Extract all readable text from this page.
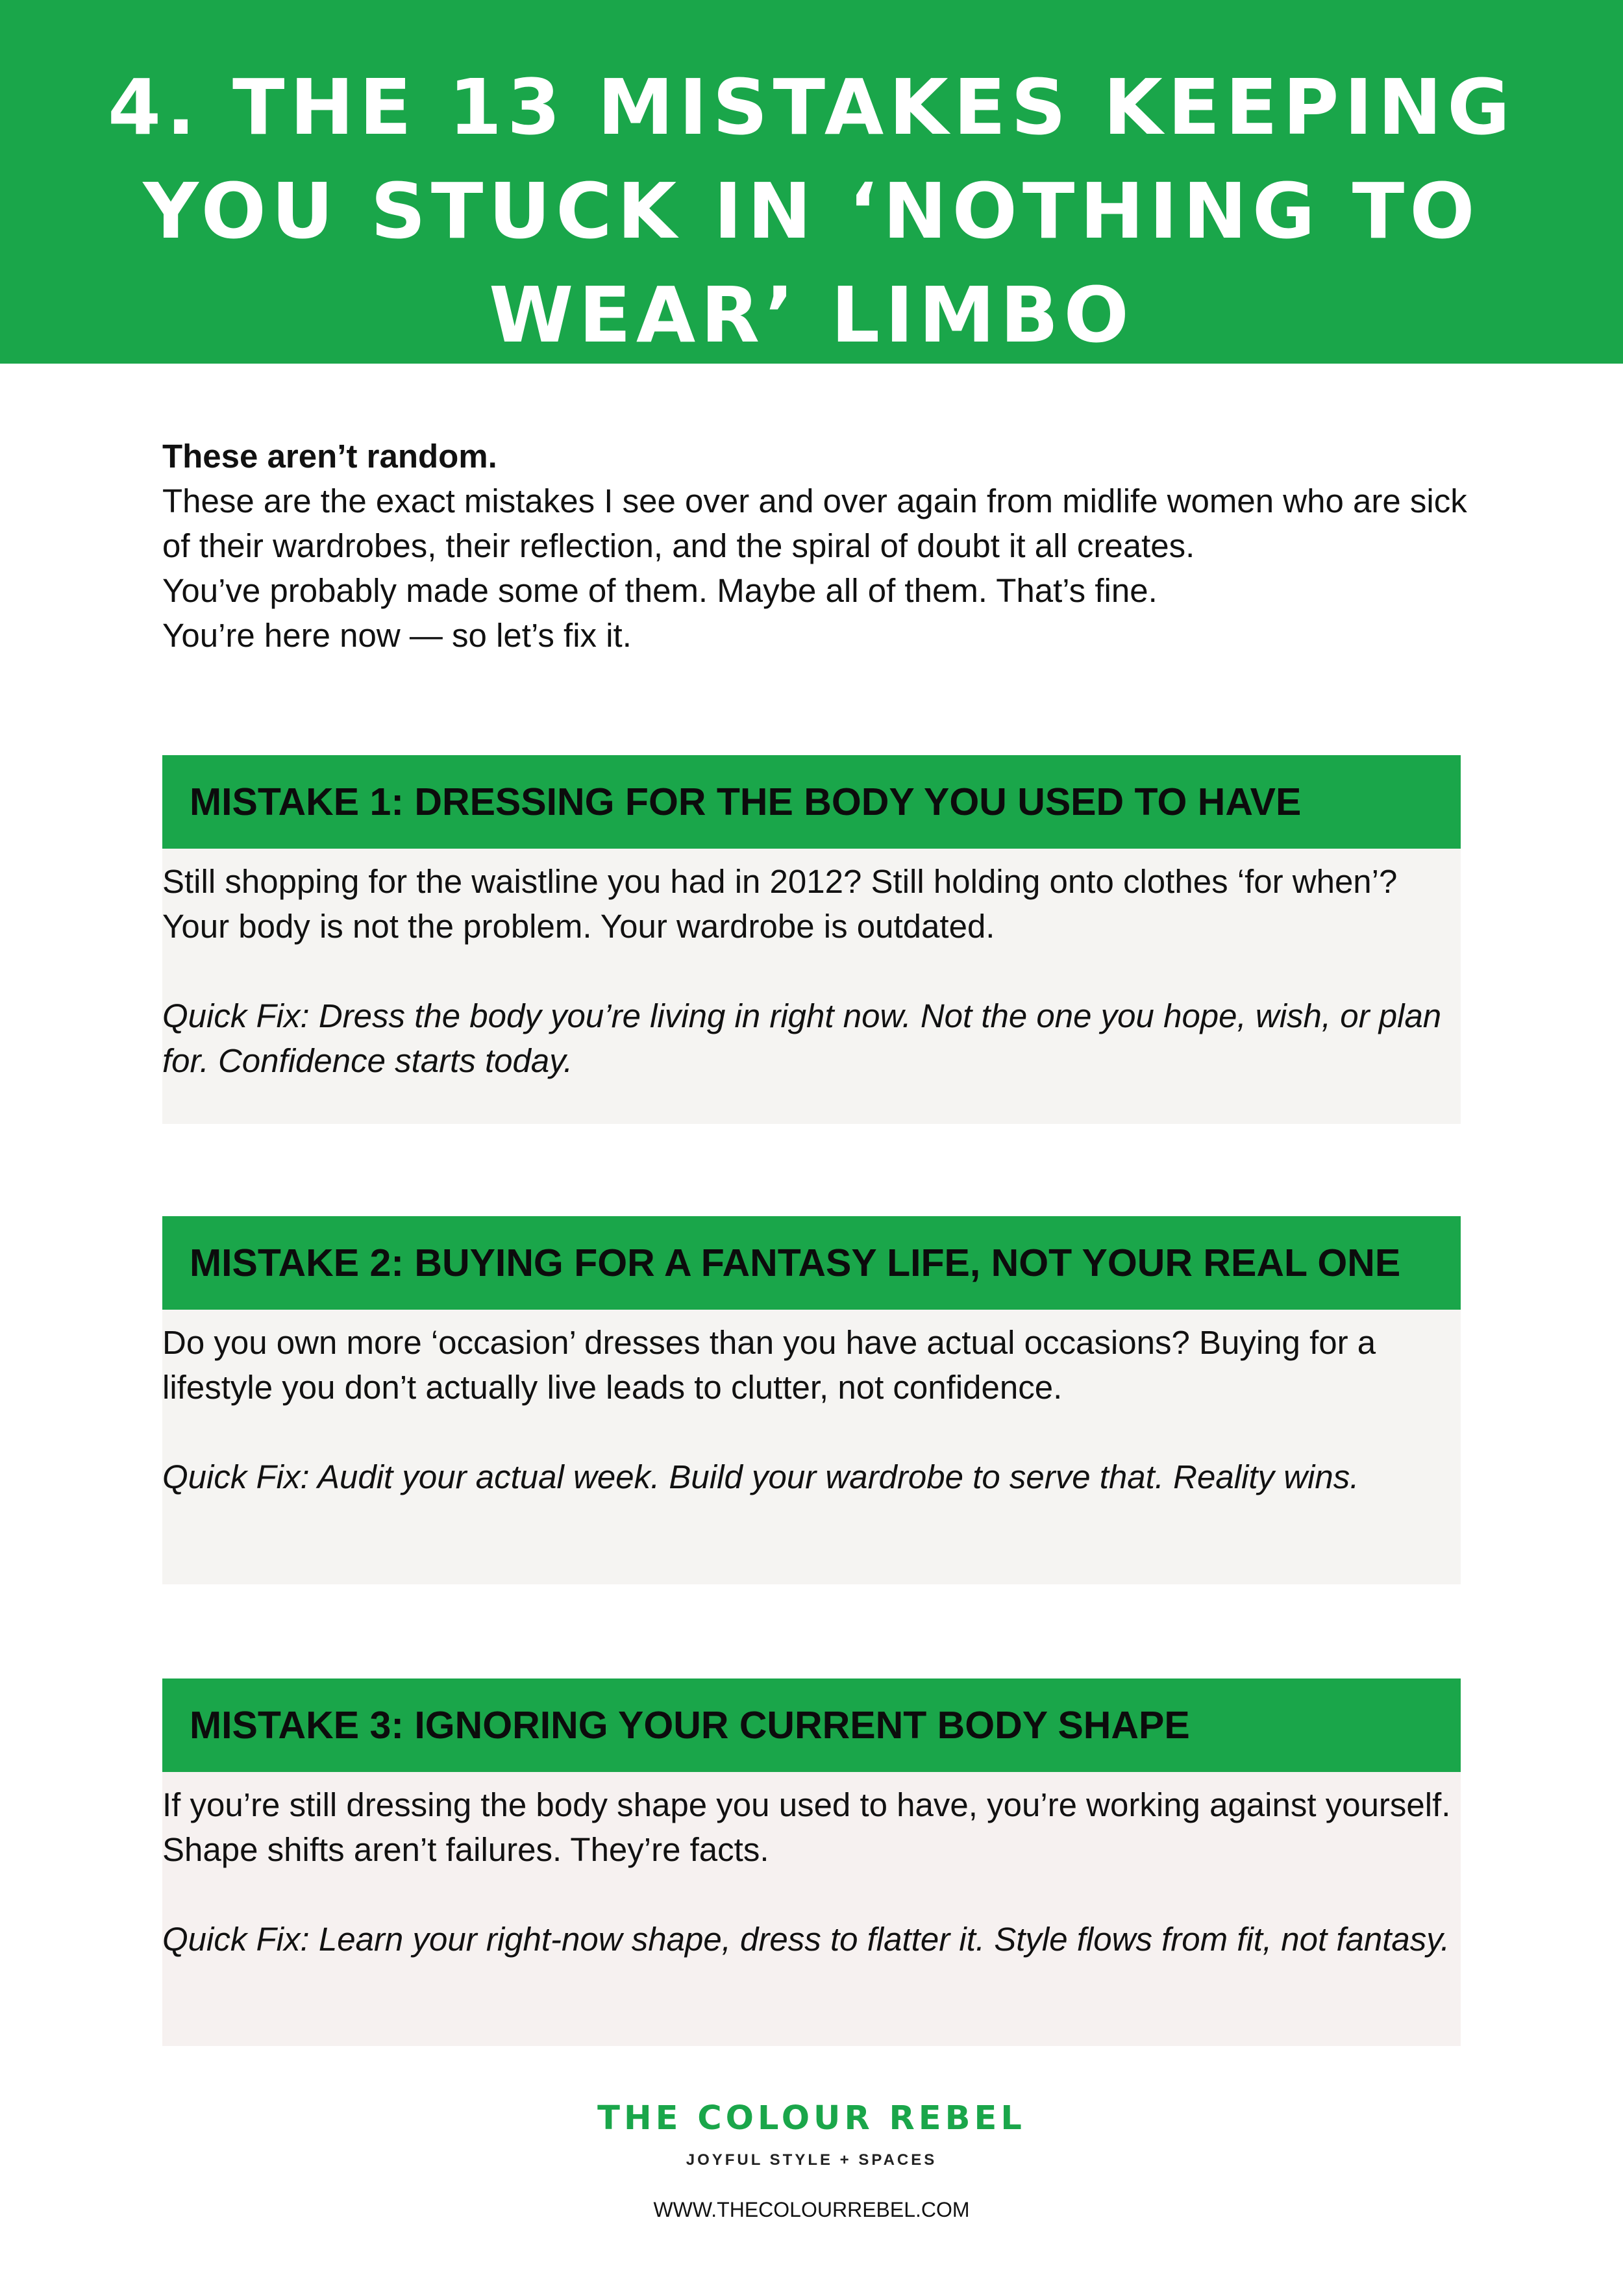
4. THE 13 MISTAKES KEEPING
YOU STUCK IN ‘NOTHING TO
WEAR’ LIMBO

These aren’t random.

These are the exact mistakes I see over and over again from midlife women who are sick of their wardrobes, their reflection, and the spiral of doubt it all creates.

You’ve probably made some of them. Maybe all of them. That’s fine.

You’re here now — so let’s fix it.

MISTAKE 1: DRESSING FOR THE BODY YOU USED TO HAVE

Still shopping for the waistline you had in 2012? Still holding onto clothes ‘for when’?

Your body is not the problem. Your wardrobe is outdated.

Quick Fix: Dress the body you’re living in right now. Not the one you hope, wish, or plan for. Confidence starts today.

MISTAKE 2: BUYING FOR A FANTASY LIFE, NOT YOUR REAL ONE

Do you own more ‘occasion’ dresses than you have actual occasions? Buying for a lifestyle you don’t actually live leads to clutter, not confidence.

Quick Fix: Audit your actual week. Build your wardrobe to serve that. Reality wins.

MISTAKE 3: IGNORING YOUR CURRENT BODY SHAPE

If you’re still dressing the body shape you used to have, you’re working against yourself. Shape shifts aren’t failures. They’re facts.

Quick Fix: Learn your right-now shape, dress to flatter it. Style flows from fit, not fantasy.

THE COLOUR REBEL
JOYFUL STYLE + SPACES
WWW.THECOLOURREBEL.COM
